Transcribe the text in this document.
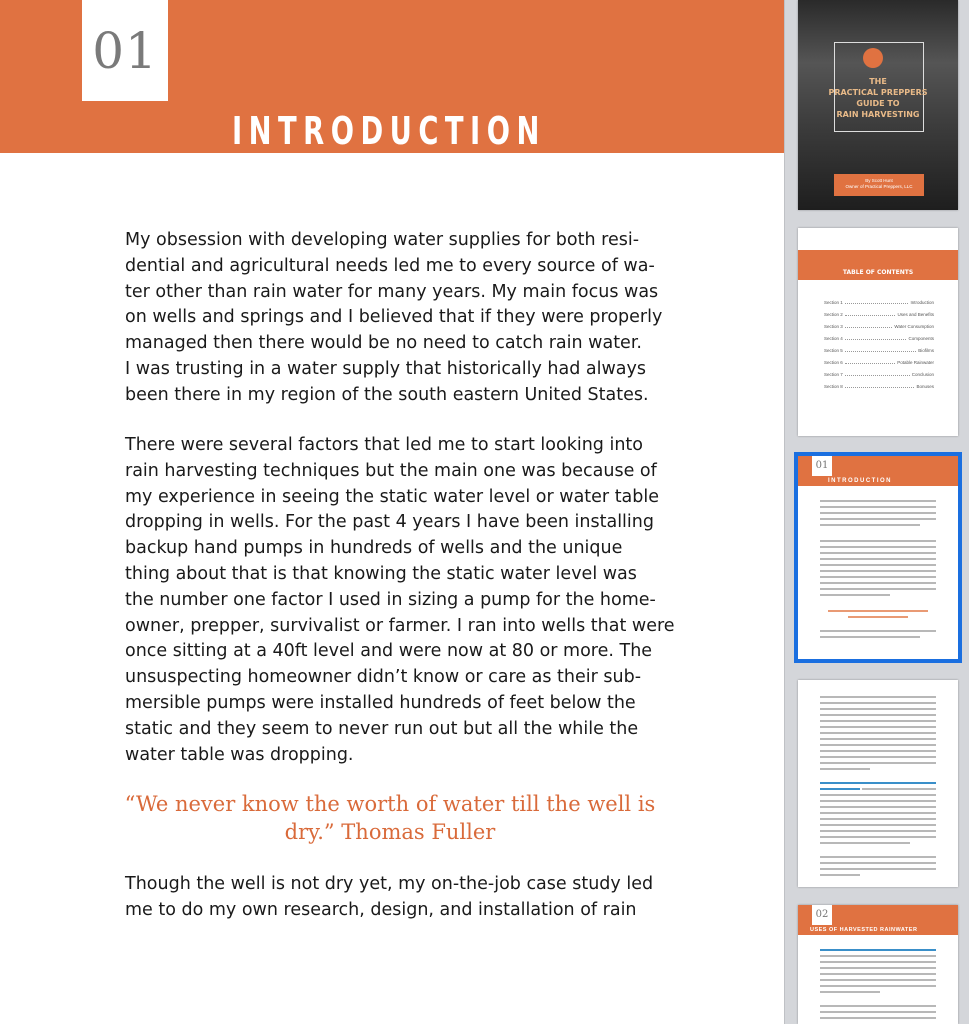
01
INTRODUCTION
My obsession with developing water supplies for both resi-
dential and agricultural needs led me to every source of wa-
ter other than rain water for many years. My main focus was
on wells and springs and I believed that if they were properly
managed then there would be no need to catch rain water.
I was trusting in a water supply that historically had always
been there in my region of the south eastern United States.
There were several factors that led me to start looking into
rain harvesting techniques but the main one was because of
my experience in seeing the static water level or water table
dropping in wells. For the past 4 years I have been installing
backup hand pumps in hundreds of wells and the unique
thing about that is that knowing the static water level was
the number one factor I used in sizing a pump for the home-
owner, prepper, survivalist or farmer. I ran into wells that were
once sitting at a 40ft level and were now at 80 or more. The
unsuspecting homeowner didn’t know or care as their sub-
mersible pumps were installed hundreds of feet below the
static and they seem to never run out but all the while the
water table was dropping.
“We never know the worth of water till the well is
dry.” Thomas Fuller
Though the well is not dry yet, my on-the-job case study led
me to do my own research, design, and installation of rain
THE
PRACTICAL PREPPERS
GUIDE TO
RAIN HARVESTING
By Scott Hunt
Owner of Practical Preppers, LLC
TABLE OF CONTENTS
Section 1	Introduction
Section 2	Uses and Benefits
Section 3	Water Consumption
Section 4	Components
Section 5	Biofilms
Section 6	Potable Rainwater
Section 7	Conclusion
Section 8	Bonuses
01
INTRODUCTION
02
USES OF HARVESTED RAINWATER
